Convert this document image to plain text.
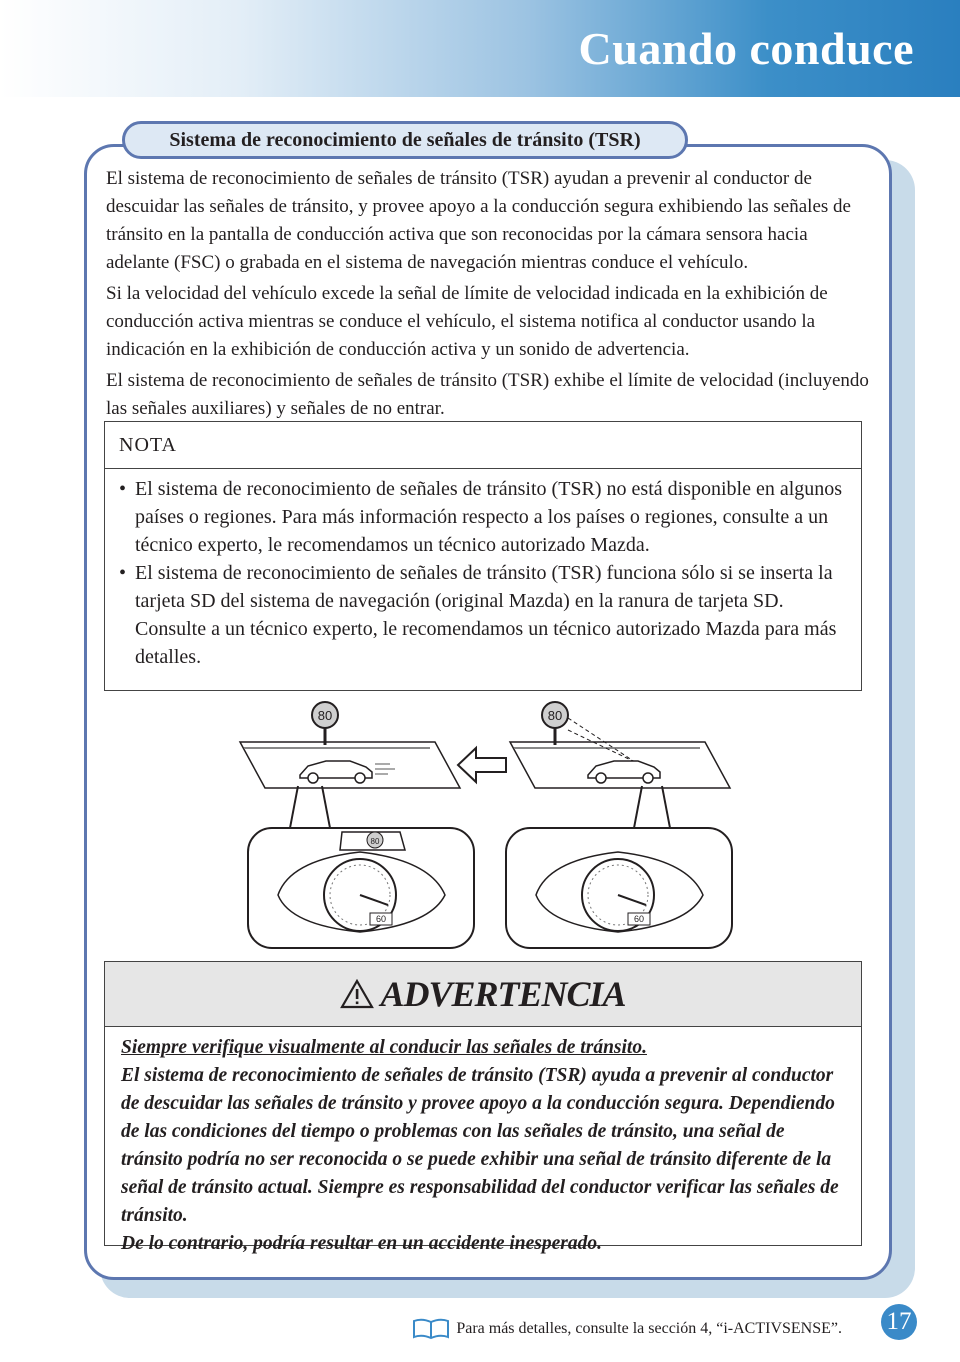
Cuando conduce
Sistema de reconocimiento de señales de tránsito (TSR)

El sistema de reconocimiento de señales de tránsito (TSR) ayudan a prevenir al conductor de descuidar las señales de tránsito, y provee apoyo a la conducción segura exhibiendo las señales de tránsito en la pantalla de conducción activa que son reconocidas por la cámara sensora hacia adelante (FSC) o grabada en el sistema de navegación mientras conduce el vehículo.

Si la velocidad del vehículo excede la señal de límite de velocidad indicada en la exhibición de conducción activa mientras se conduce el vehículo, el sistema notifica al conductor usando la indicación en la exhibición de conducción activa y un sonido de advertencia.

El sistema de reconocimiento de señales de tránsito (TSR) exhibe el límite de velocidad (incluyendo las señales auxiliares) y señales de no entrar.

NOTA
• El sistema de reconocimiento de señales de tránsito (TSR) no está disponible en algunos países o regiones. Para más información respecto a los países o regiones, consulte a un técnico experto, le recomendamos un técnico autorizado Mazda.
• El sistema de reconocimiento de señales de tránsito (TSR) funciona sólo si se inserta la tarjeta SD del sistema de navegación (original Mazda) en la ranura de tarjeta SD. Consulte a un técnico experto, le recomendamos un técnico autorizado Mazda para más detalles.
80	80
80
60	60
ADVERTENCIA
Siempre verifique visualmente al conducir las señales de tránsito.
El sistema de reconocimiento de señales de tránsito (TSR) ayuda a prevenir al conductor de descuidar las señales de tránsito y provee apoyo a la conducción segura. Dependiendo de las condiciones del tiempo o problemas con las señales de tránsito, una señal de tránsito podría no ser reconocida o se puede exhibir una señal de tránsito diferente de la señal de tránsito actual. Siempre es responsabilidad del conductor verificar las señales de tránsito.
De lo contrario, podría resultar en un accidente inesperado.
Para más detalles, consulte la sección 4, “i-ACTIVSENSE”. 17
